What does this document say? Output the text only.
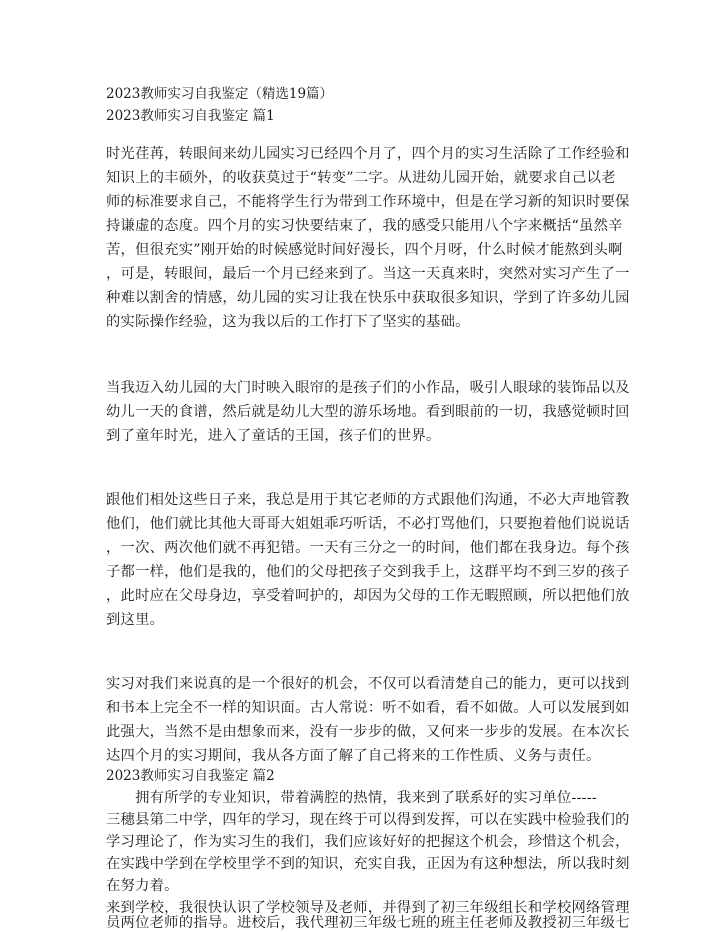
2023教师实习自我鉴定（精选19篇）
2023教师实习自我鉴定 篇1
时光荏苒，转眼间来幼儿园实习已经四个月了，四个月的实习生活除了工作经验和
知识上的丰硕外，的收获莫过于“转变”二字。从进幼儿园开始，就要求自己以老
师的标准要求自己，不能将学生行为带到工作环境中，但是在学习新的知识时要保
持谦虚的态度。四个月的实习快要结束了，我的感受只能用八个字来概括“虽然辛
苦，但很充实”刚开始的时候感觉时间好漫长，四个月呀，什么时候才能熬到头啊
，可是，转眼间，最后一个月已经来到了。当这一天真来时，突然对实习产生了一
种难以割舍的情感，幼儿园的实习让我在快乐中获取很多知识，学到了许多幼儿园
的实际操作经验，这为我以后的工作打下了坚实的基础。
当我迈入幼儿园的大门时映入眼帘的是孩子们的小作品，吸引人眼球的装饰品以及
幼儿一天的食谱，然后就是幼儿大型的游乐场地。看到眼前的一切，我感觉顿时回
到了童年时光，进入了童话的王国，孩子们的世界。
跟他们相处这些日子来，我总是用于其它老师的方式跟他们沟通，不必大声地管教
他们，他们就比其他大哥哥大姐姐乖巧听话，不必打骂他们，只要抱着他们说说话
，一次、两次他们就不再犯错。一天有三分之一的时间，他们都在我身边。每个孩
子都一样，他们是我的，他们的父母把孩子交到我手上，这群平均不到三岁的孩子
，此时应在父母身边，享受着呵护的，却因为父母的工作无暇照顾，所以把他们放
到这里。
实习对我们来说真的是一个很好的机会，不仅可以看清楚自己的能力，更可以找到
和书本上完全不一样的知识面。古人常说：听不如看，看不如做。人可以发展到如
此强大，当然不是由想象而来，没有一步步的做，又何来一步步的发展。在本次长
达四个月的实习期间，我从各方面了解了自己将来的工作性质、义务与责任。
2023教师实习自我鉴定 篇2
　　拥有所学的专业知识，带着满腔的热情，我来到了联系好的实习单位-----
三穗县第二中学，四年的学习，现在终于可以得到发挥，可以在实践中检验我们的
学习理论了，作为实习生的我们，我们应该好好的把握这个机会，珍惜这个机会，
在实践中学到在学校里学不到的知识，充实自我，正因为有这种想法，所以我时刻
在努力着。
来到学校，我很快认识了学校领导及老师，并得到了初三年级组长和学校网络管理
员两位老师的指导。进校后，我代理初三年级七班的班主任老师及教授初三年级七
